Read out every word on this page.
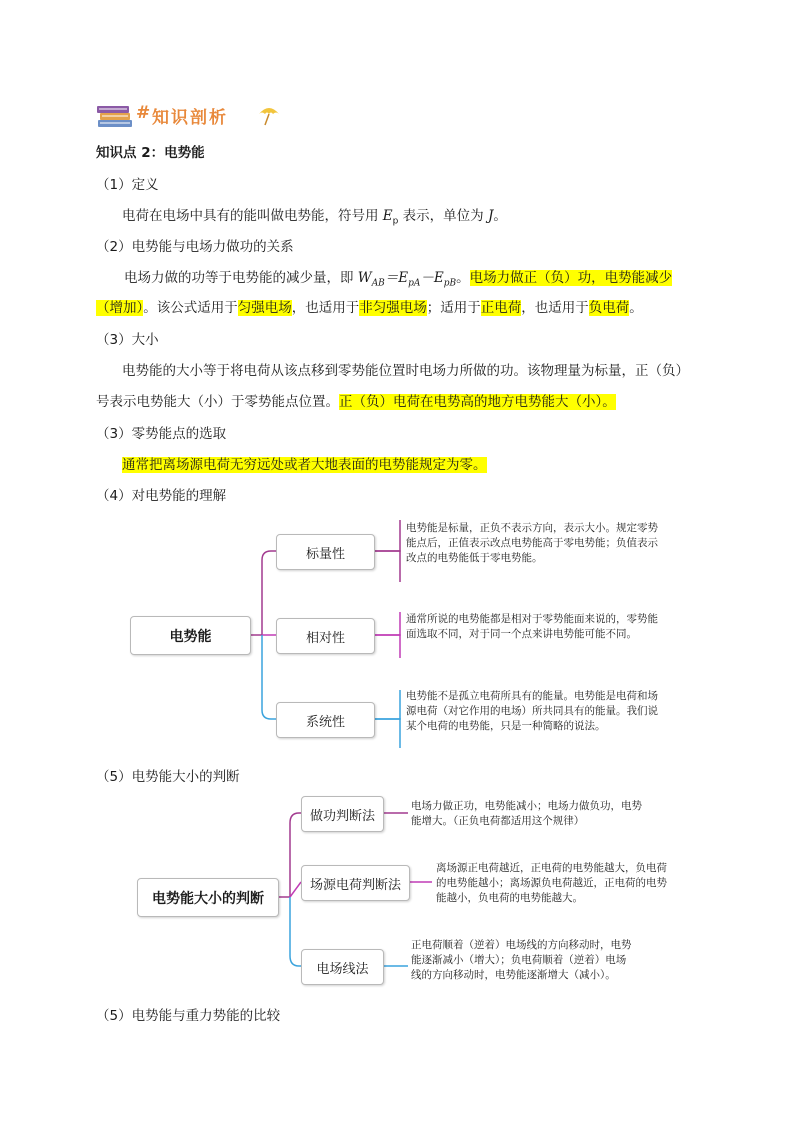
# 知识剖析
知识点 2：电势能
（1）定义
电荷在电场中具有的能叫做电势能，符号用 $E_p$ 表示，单位为 J。
（2）电势能与电场力做功的关系
电场力做的功等于电势能的减少量，即 $W_{AB}=E_{pA}-E_{pB}$。电场力做正（负）功，电势能减少
（增加）。该公式适用于匀强电场，也适用于非匀强电场；适用于正电荷，也适用于负电荷。
（3）大小
电势能的大小等于将电荷从该点移到零势能位置时电场力所做的功。该物理量为标量，正（负）
号表示电势能大（小）于零势能点位置。正（负）电荷在电势高的地方电势能大（小）。
（3）零势能点的选取
通常把离场源电荷无穷远处或者大地表面的电势能规定为零。
（4）对电势能的理解
电势能
标量性
相对性
系统性
电势能是标量，正负不表示方向，表示大小。规定零势能点后，正值表示改点电势能高于零电势能；负值表示改点的电势能低于零电势能。
通常所说的电势能都是相对于零势能面来说的，零势能面选取不同，对于同一个点来讲电势能可能不同。
电势能不是孤立电荷所具有的能量。电势能是电荷和场源电荷（对它作用的电场）所共同具有的能量。我们说某个电荷的电势能，只是一种简略的说法。
（5）电势能大小的判断
电势能大小的判断
做功判断法
场源电荷判断法
电场线法
电场力做正功，电势能减小；电场力做负功，电势能增大。（正负电荷都适用这个规律）
离场源正电荷越近，正电荷的电势能越大，负电荷的电势能越小；离场源负电荷越近，正电荷的电势能越小，负电荷的电势能越大。
正电荷顺着（逆着）电场线的方向移动时，电势能逐渐减小（增大）；负电荷顺着（逆着）电场线的方向移动时，电势能逐渐增大（减小）。
（5）电势能与重力势能的比较
